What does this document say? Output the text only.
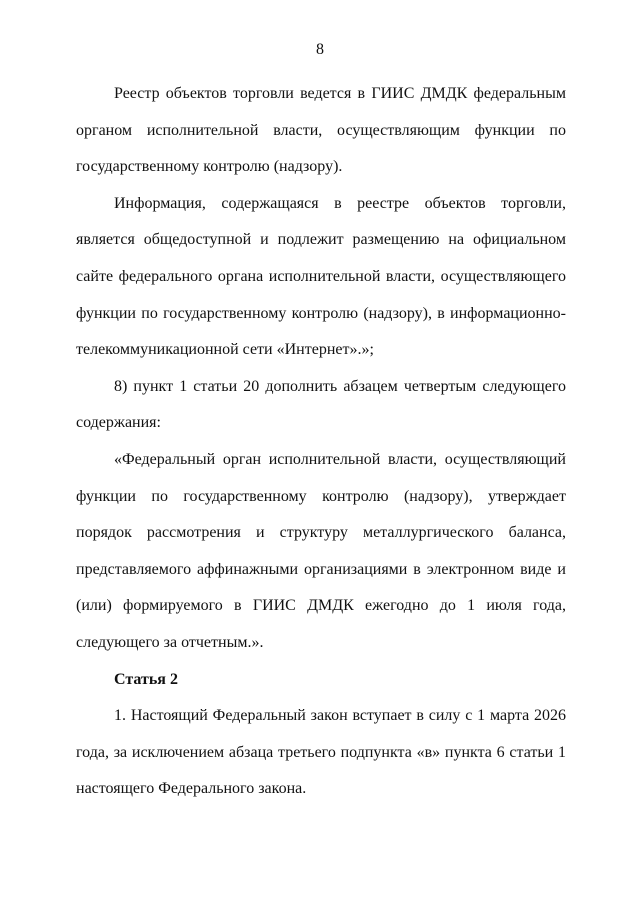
8

Реестр объектов торговли ведется в ГИИС ДМДК федеральным органом исполнительной власти, осуществляющим функции по государственному контролю (надзору).

Информация, содержащаяся в реестре объектов торговли, является общедоступной и подлежит размещению на официальном сайте федерального органа исполнительной власти, осуществляющего функции по государственному контролю (надзору), в информационно-телекоммуникационной сети «Интернет».»;

8) пункт 1 статьи 20 дополнить абзацем четвертым следующего содержания:

«Федеральный орган исполнительной власти, осуществляющий функции по государственному контролю (надзору), утверждает порядок рассмотрения и структуру металлургического баланса, представляемого аффинажными организациями в электронном виде и (или) формируемого в ГИИС ДМДК ежегодно до 1 июля года, следующего за отчетным.».

Статья 2

1. Настоящий Федеральный закон вступает в силу с 1 марта 2026 года, за исключением абзаца третьего подпункта «в» пункта 6 статьи 1 настоящего Федерального закона.
